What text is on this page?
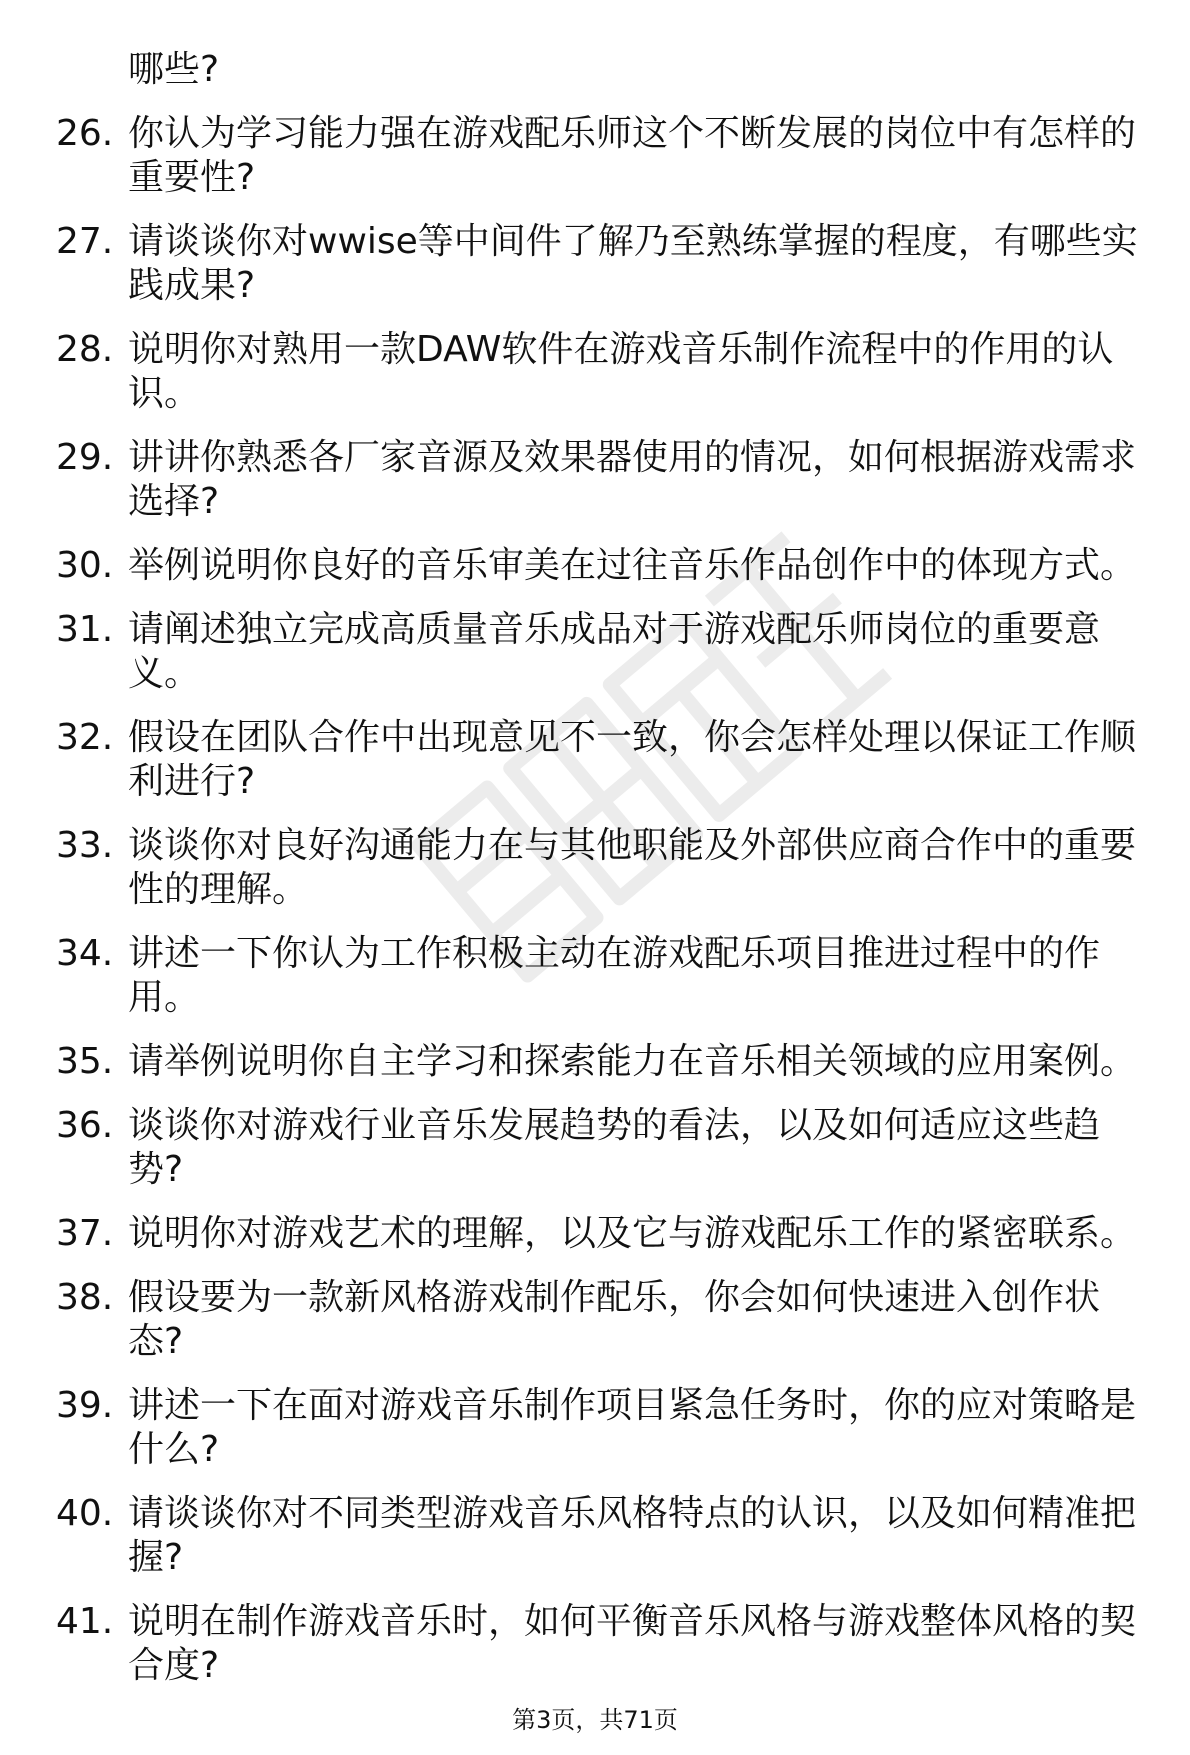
哪些?
26. 你认为学习能力强在游戏配乐师这个不断发展的岗位中有怎样的
重要性?
27. 请谈谈你对wwise等中间件了解乃至熟练掌握的程度，有哪些实
践成果?
28. 说明你对熟用一款DAW软件在游戏音乐制作流程中的作用的认
识。
29. 讲讲你熟悉各厂家音源及效果器使用的情况，如何根据游戏需求
选择?
30. 举例说明你良好的音乐审美在过往音乐作品创作中的体现方式。
31. 请阐述独立完成高质量音乐成品对于游戏配乐师岗位的重要意
义。
32. 假设在团队合作中出现意见不一致，你会怎样处理以保证工作顺
利进行?
33. 谈谈你对良好沟通能力在与其他职能及外部供应商合作中的重要
性的理解。
34. 讲述一下你认为工作积极主动在游戏配乐项目推进过程中的作
用。
35. 请举例说明你自主学习和探索能力在音乐相关领域的应用案例。
36. 谈谈你对游戏行业音乐发展趋势的看法，以及如何适应这些趋
势?
37. 说明你对游戏艺术的理解，以及它与游戏配乐工作的紧密联系。
38. 假设要为一款新风格游戏制作配乐，你会如何快速进入创作状
态?
39. 讲述一下在面对游戏音乐制作项目紧急任务时，你的应对策略是
什么?
40. 请谈谈你对不同类型游戏音乐风格特点的认识，以及如何精准把
握?
41. 说明在制作游戏音乐时，如何平衡音乐风格与游戏整体风格的契
合度?
第3页，共71页
